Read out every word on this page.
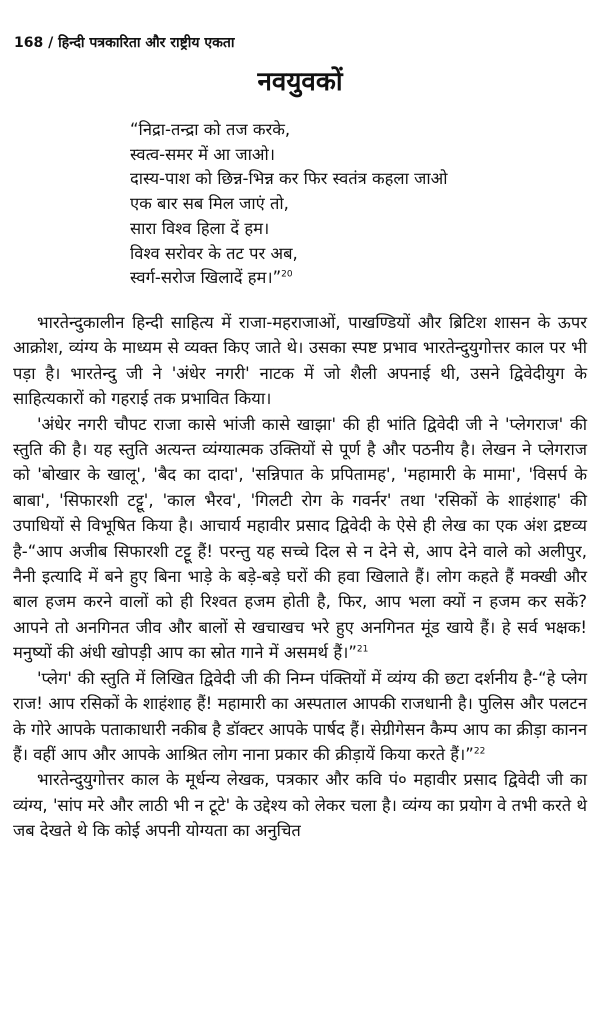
168 / हिन्दी पत्रकारिता और राष्ट्रीय एकता
नवयुवकों
“निद्रा-तन्द्रा को तज करके,
स्वत्व-समर में आ जाओ।
दास्य-पाश को छिन्न-भिन्न कर फिर स्वतंत्र कहला जाओ
एक बार सब मिल जाएं तो,
सारा विश्व हिला दें हम।
विश्व सरोवर के तट पर अब,
स्वर्ग-सरोज खिलादें हम।”$^{20}$

भारतेन्दुकालीन हिन्दी साहित्य में राजा-महराजाओं, पाखण्डियों और ब्रिटिश शासन के ऊपर आक्रोश, व्यंग्य के माध्यम से व्यक्त किए जाते थे। उसका स्पष्ट प्रभाव भारतेन्दुयुगोत्तर काल पर भी पड़ा है। भारतेन्दु जी ने 'अंधेर नगरी' नाटक में जो शैली अपनाई थी, उसने द्विवेदीयुग के साहित्यकारों को गहराई तक प्रभावित किया।

'अंधेर नगरी चौपट राजा कासे भांजी कासे खाझा' की ही भांति द्विवेदी जी ने 'प्लेगराज' की स्तुति की है। यह स्तुति अत्यन्त व्यंग्यात्मक उक्तियों से पूर्ण है और पठनीय है। लेखन ने प्लेगराज को 'बोखार के खालू', 'बैद का दादा', 'सन्निपात के प्रपितामह', 'महामारी के मामा', 'विसर्प के बाबा', 'सिफारशी टट्टू', 'काल भैरव', 'गिलटी रोग के गवर्नर' तथा 'रसिकों के शाहंशाह' की उपाधियों से विभूषित किया है। आचार्य महावीर प्रसाद द्विवेदी के ऐसे ही लेख का एक अंश द्रष्टव्य है-“आप अजीब सिफारशी टट्टू हैं! परन्तु यह सच्चे दिल से न देने से, आप देने वाले को अलीपुर, नैनी इत्यादि में बने हुए बिना भाड़े के बड़े-बड़े घरों की हवा खिलाते हैं। लोग कहते हैं मक्खी और बाल हजम करने वालों को ही रिश्वत हजम होती है, फिर, आप भला क्यों न हजम कर सकें? आपने तो अनगिनत जीव और बालों से खचाखच भरे हुए अनगिनत मूंड खाये हैं। हे सर्व भक्षक! मनुष्यों की अंधी खोपड़ी आप का स्रोत गाने में असमर्थ हैं।”$^{21}$

'प्लेग' की स्तुति में लिखित द्विवेदी जी की निम्न पंक्तियों में व्यंग्य की छटा दर्शनीय है-“हे प्लेग राज! आप रसिकों के शाहंशाह हैं! महामारी का अस्पताल आपकी राजधानी है। पुलिस और पलटन के गोरे आपके पताकाधारी नकीब है डॉक्टर आपके पार्षद हैं। सेग्रीगेसन कैम्प आप का क्रीड़ा कानन हैं। वहीं आप और आपके आश्रित लोग नाना प्रकार की क्रीड़ायें किया करते हैं।”$^{22}$

भारतेन्दुयुगोत्तर काल के मूर्धन्य लेखक, पत्रकार और कवि पं० महावीर प्रसाद द्विवेदी जी का व्यंग्य, 'सांप मरे और लाठी भी न टूटे' के उद्देश्य को लेकर चला है। व्यंग्य का प्रयोग वे तभी करते थे जब देखते थे कि कोई अपनी योग्यता का अनुचित
